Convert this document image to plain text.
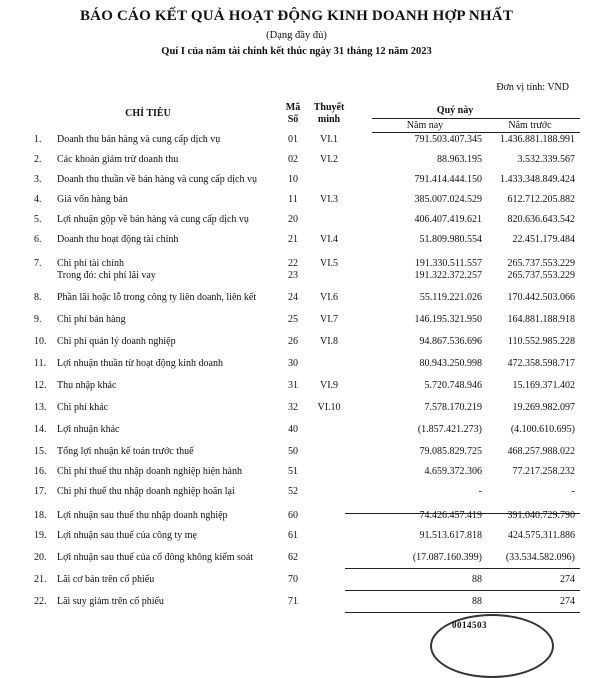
BÁO CÁO KẾT QUẢ HOẠT ĐỘNG KINH DOANH HỢP NHẤT
(Dạng đầy đủ)
Quí I của năm tài chính kết thúc ngày 31 tháng 12 năm 2023
Đơn vị tính: VND
CHỈ TIÊU
Mã
Số
Thuyết
minh
Quý này
Năm nay	Năm trước
1. Doanh thu bán hàng và cung cấp dịch vụ	01	VI.1	791.503.407.345 1.436.881.188.991
2. Các khoản giảm trừ doanh thu	02	VI.2	88.963.195	3.532.339.567
3. Doanh thu thuần về bán hàng và cung cấp dịch vụ	10	791.414.444.150 1.433.348.849.424
4. Giá vốn hàng bán	11	VI.3	385.007.024.529	612.712.205.882
5. Lợi nhuận gộp về bán hàng và cung cấp dịch vụ	20	406.407.419.621	820.636.643.542
6. Doanh thu hoạt động tài chính	21	VI.4	51.809.980.554	22.451.179.484
7. Chi phí tài chính	22	VI.5	191.330.511.557	265.737.553.229
Trong đó: chi phí lãi vay	23	191.322.372.257	265.737.553.229
8. Phần lãi hoặc lỗ trong công ty liên doanh, liên kết	24	VI.6	55.119.221.026	170.442.503.066
9. Chi phí bán hàng	25	VI.7	146.195.321.950	164.881.188.918
10. Chi phí quản lý doanh nghiệp	26	VI.8	94.867.536.696	110.552.985.228
11. Lợi nhuận thuần từ hoạt động kinh doanh	30	80.943.250.998	472.358.598.717
12. Thu nhập khác	31	VI.9	5.720.748.946	15.169.371.402
13. Chi phí khác	32	VI.10	7.578.170.219	19.269.982.097
14. Lợi nhuận khác	40	(1.857.421.273)	(4.100.610.695)
15. Tổng lợi nhuận kế toán trước thuế	50	79.085.829.725	468.257.988.022
16. Chi phí thuế thu nhập doanh nghiệp hiện hành	51	4.659.372.306	77.217.258.232
17. Chi phí thuế thu nhập doanh nghiệp hoãn lại	52	-	-
18. Lợi nhuận sau thuế thu nhập doanh nghiệp	60	74.426.457.419	391.040.729.790
19. Lợi nhuận sau thuế của công ty mẹ	61	91.513.617.818	424.575.311.886
20. Lợi nhuận sau thuế của cổ đông không kiểm soát	62	(17.087.160.399) (33.534.582.096)
21. Lãi cơ bản trên cổ phiếu	70	88	274
22. Lãi suy giảm trên cổ phiếu	71	88	274
0014503
